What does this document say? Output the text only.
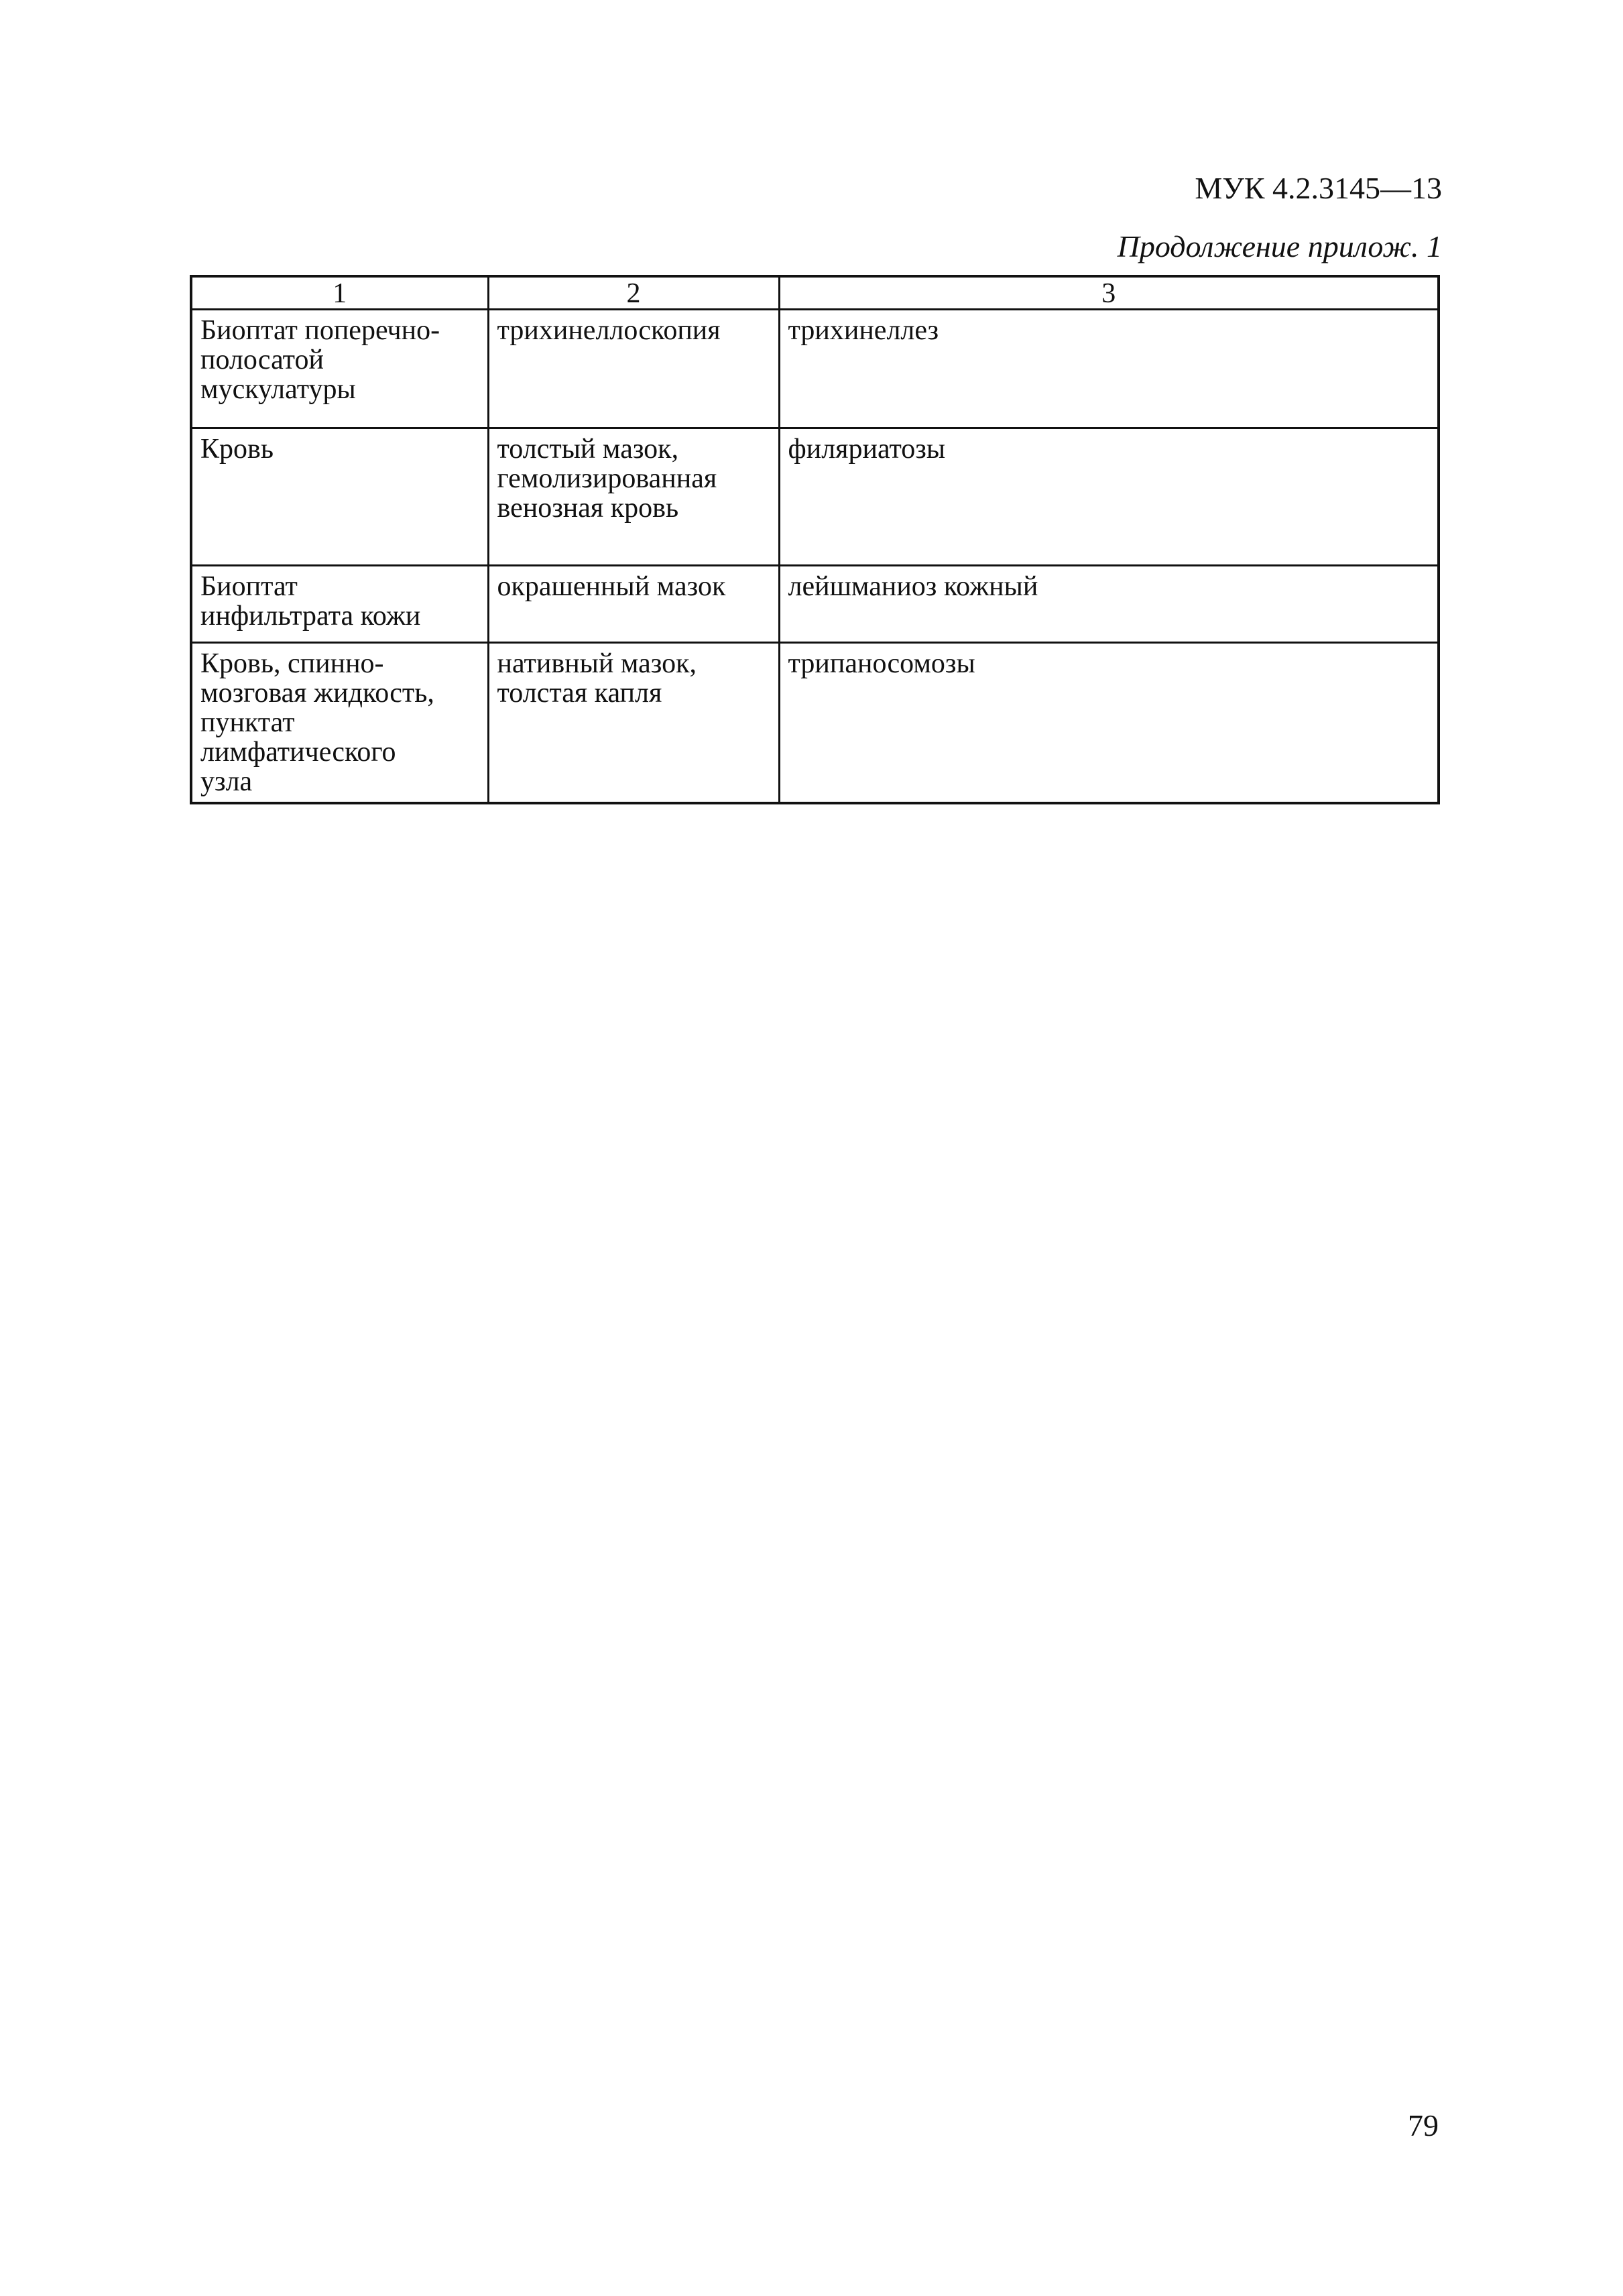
МУК 4.2.3145—13
Продолжение прилож. 1
1	2	3

Биоптат поперечно-
полосатой
мускулатуры	трихинеллоскопия	трихинеллез

Кровь	толстый мазок,
гемолизированная
венозная кровь	филяриатозы

Биоптат
инфильтрата кожи	окрашенный мазок	лейшманиоз кожный

Кровь, спинно-
мозговая жидкость,
пунктат
лимфатического
узла	нативный мазок,
толстая капля	трипаносомозы
79
